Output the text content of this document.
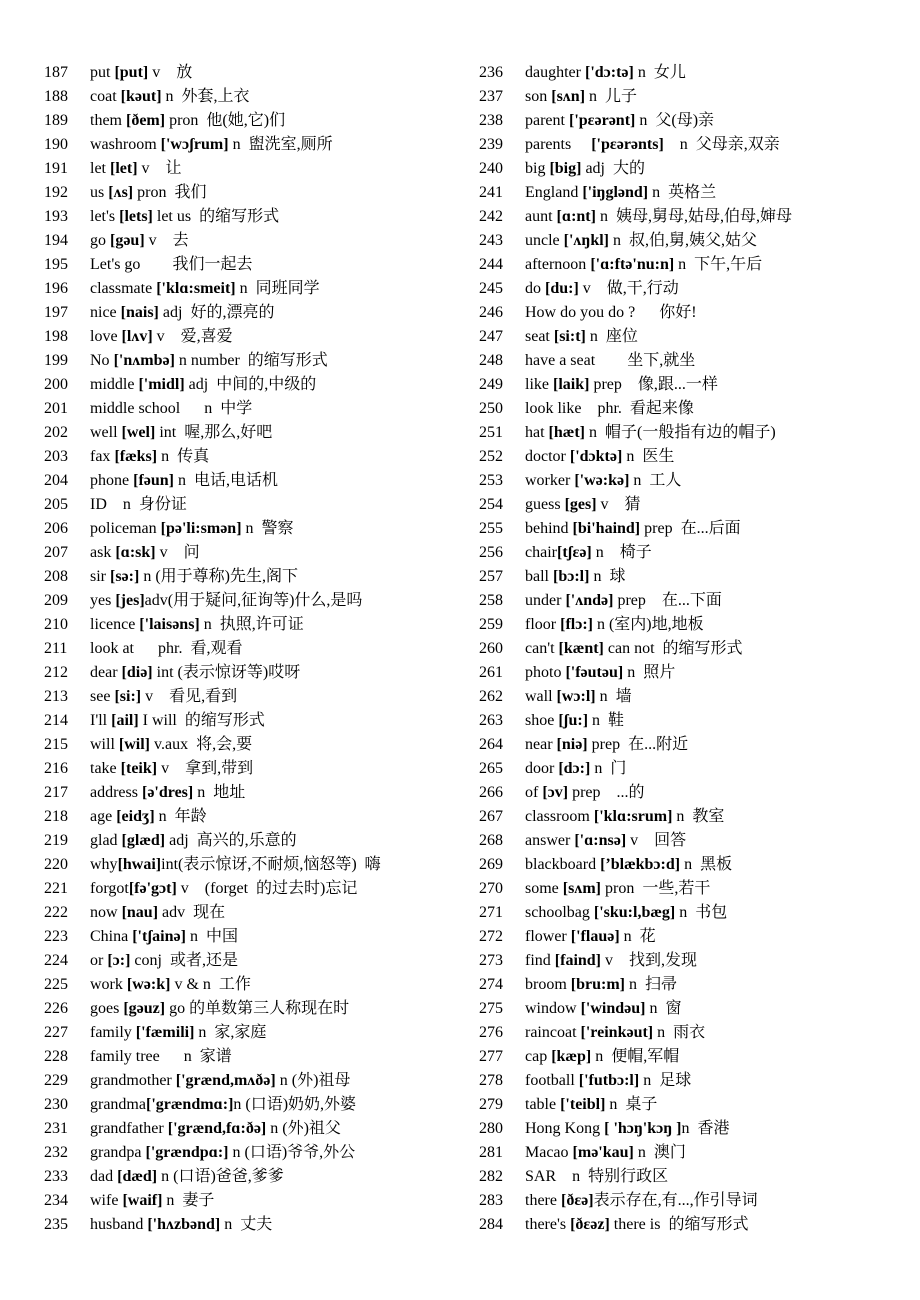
187	put [put] v    放
188	coat [kəut] n  外套,上衣
189	them [ðem] pron  他(她,它)们
190	washroom ['wɔʃrum] n  盥洗室,厕所
191	let [let] v    让
192	us [ʌs] pron  我们
193	let's [lets] let us  的缩写形式
194	go [gəu] v    去
195	Let's go        我们一起去
196	classmate ['klɑ:smeit] n  同班同学
197	nice [nais] adj  好的,漂亮的
198	love [lʌv] v    爱,喜爱
199	No ['nʌmbə] n number  的缩写形式
200	middle ['midl] adj  中间的,中级的
201	middle school      n  中学
202	well [wel] int  喔,那么,好吧
203	fax [fæks] n  传真
204	phone [fəun] n  电话,电话机
205	ID    n  身份证
206	policeman [pə'li:smən] n  警察
207	ask [ɑ:sk] v    问
208	sir [sə:] n (用于尊称)先生,阁下
209	yes [jes]adv(用于疑问,征询等)什么,是吗
210	licence ['laisəns] n  执照,许可证
211	look at      phr.  看,观看
212	dear [diə] int (表示惊讶等)哎呀
213	see [si:] v    看见,看到
214	I'll [ail] I will  的缩写形式
215	will [wil] v.aux  将,会,要
216	take [teik] v    拿到,带到
217	address [ə'dres] n  地址
218	age [eidʒ] n  年龄
219	glad [glæd] adj  高兴的,乐意的
220	why[hwai]int(表示惊讶,不耐烦,恼怒等)  嗨
221	forgot[fə'gɔt] v    (forget  的过去时)忘记
222	now [nau] adv  现在
223	China ['tʃainə] n  中国
224	or [ɔ:] conj  或者,还是
225	work [wə:k] v & n  工作
226	goes [gəuz] go 的单数第三人称现在时
227	family ['fæmili] n  家,家庭
228	family tree      n  家谱
229	grandmother ['grænd,mʌðə] n (外)祖母
230	grandma['grændmɑ:]n (口语)奶奶,外婆
231	grandfather ['grænd,fɑ:ðə] n (外)祖父
232	grandpa ['grændpɑ:] n (口语)爷爷,外公
233	dad [dæd] n (口语)爸爸,爹爹
234	wife [waif] n  妻子
235	husband ['hʌzbənd] n  丈夫
236	daughter ['dɔ:tə] n  女儿
237	son [sʌn] n  儿子
238	parent ['pεərənt] n  父(母)亲
239	parents     ['pεərənts]    n  父母亲,双亲
240	big [big] adj  大的
241	England ['iŋglənd] n  英格兰
242	aunt [ɑ:nt] n  姨母,舅母,姑母,伯母,婶母
243	uncle ['ʌŋkl] n  叔,伯,舅,姨父,姑父
244	afternoon ['ɑ:ftə'nu:n] n  下午,午后
245	do [du:] v    做,干,行动
246	How do you do ?      你好!
247	seat [si:t] n  座位
248	have a seat        坐下,就坐
249	like [laik] prep    像,跟...一样
250	look like    phr.  看起来像
251	hat [hæt] n  帽子(一般指有边的帽子)
252	doctor ['dɔktə] n  医生
253	worker ['wə:kə] n  工人
254	guess [ges] v    猜
255	behind [bi'haind] prep  在...后面
256	chair[tʃεə] n    椅子
257	ball [bɔ:l] n  球
258	under ['ʌndə] prep    在...下面
259	floor [flɔ:] n (室内)地,地板
260	can't [kænt] can not  的缩写形式
261	photo ['fəutəu] n  照片
262	wall [wɔ:l] n  墙
263	shoe [ʃu:] n  鞋
264	near [niə] prep  在...附近
265	door [dɔ:] n  门
266	of [ɔv] prep    ...的
267	classroom ['klɑ:srum] n  教室
268	answer ['ɑ:nsə] v    回答
269	blackboard [ʼblækbɔ:d] n  黑板
270	some [sʌm] pron  一些,若干
271	schoolbag ['sku:l,bæg] n  书包
272	flower ['flauə] n  花
273	find [faind] v    找到,发现
274	broom [bru:m] n  扫帚
275	window ['windəu] n  窗
276	raincoat ['reinkəut] n  雨衣
277	cap [kæp] n  便帽,军帽
278	football ['futbɔ:l] n  足球
279	table ['teibl] n  桌子
280	Hong Kong [ 'hɔŋ'kɔŋ ]n  香港
281	Macao [mə'kau] n  澳门
282	SAR    n  特别行政区
283	there [ðεə]表示存在,有...,作引导词
284	there's [ðεəz] there is  的缩写形式
